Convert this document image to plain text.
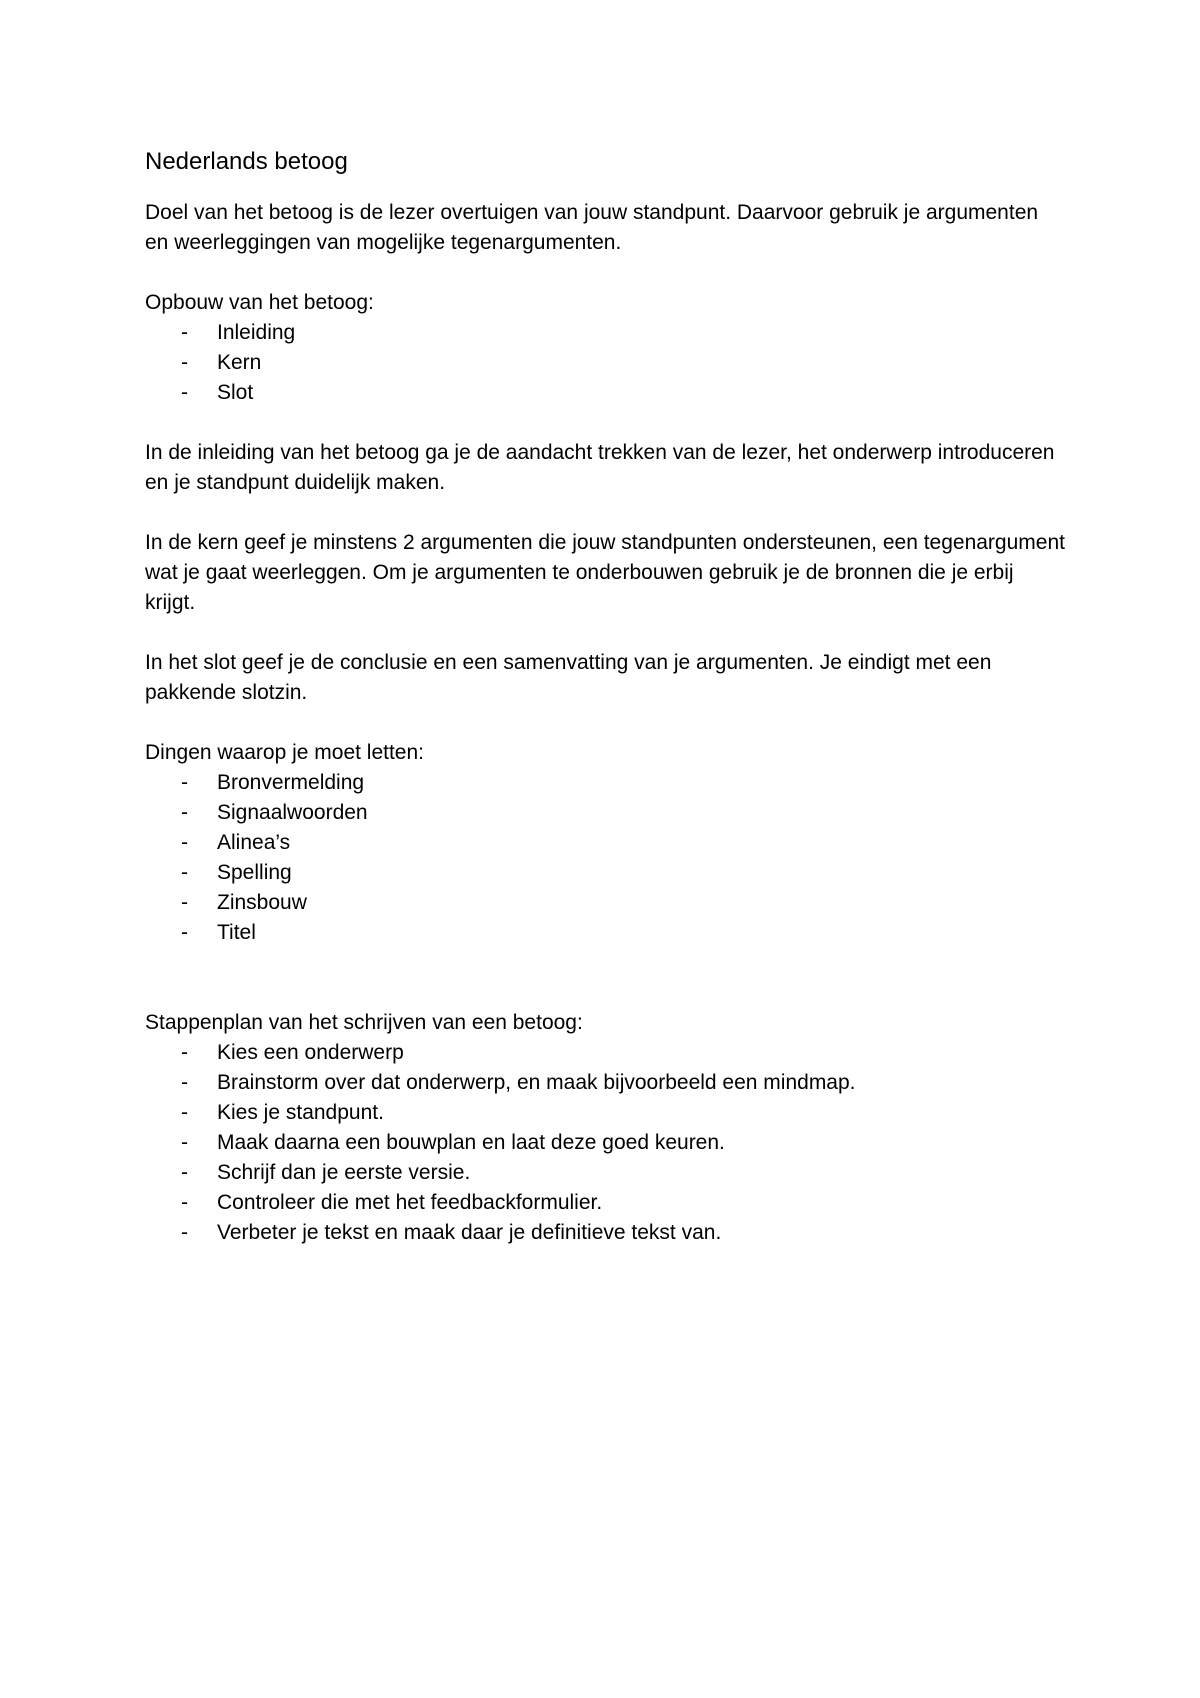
Nederlands betoog

Doel van het betoog is de lezer overtuigen van jouw standpunt. Daarvoor gebruik je argumenten en weerleggingen van mogelijke tegenargumenten.

Opbouw van het betoog:

- Inleiding
- Kern
- Slot

In de inleiding van het betoog ga je de aandacht trekken van de lezer, het onderwerp introduceren en je standpunt duidelijk maken.

In de kern geef je minstens 2 argumenten die jouw standpunten ondersteunen, een tegenargument wat je gaat weerleggen. Om je argumenten te onderbouwen gebruik je de bronnen die je erbij krijgt.

In het slot geef je de conclusie en een samenvatting van je argumenten. Je eindigt met een pakkende slotzin.

Dingen waarop je moet letten:

- Bronvermelding
- Signaalwoorden
- Alinea’s
- Spelling
- Zinsbouw
- Titel

Stappenplan van het schrijven van een betoog:

- Kies een onderwerp
- Brainstorm over dat onderwerp, en maak bijvoorbeeld een mindmap.
- Kies je standpunt.
- Maak daarna een bouwplan en laat deze goed keuren.
- Schrijf dan je eerste versie.
- Controleer die met het feedbackformulier.
- Verbeter je tekst en maak daar je definitieve tekst van.
